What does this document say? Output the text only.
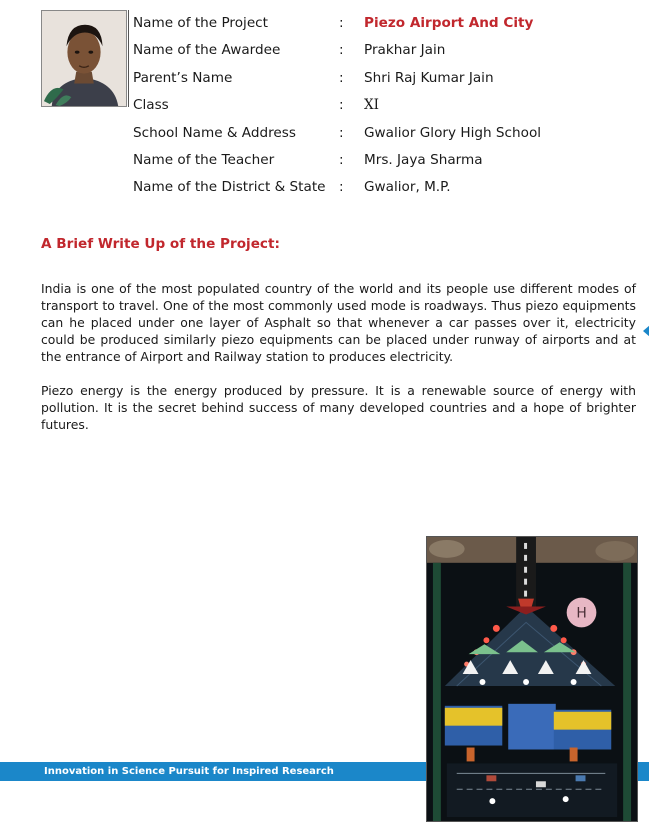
Name of the Project	: Piezo Airport And City
Name of the Awardee	: Prakhar Jain
Parent’s Name	: Shri Raj Kumar Jain
Class	: XI
School Name & Address	: Gwalior Glory High School
Name of the Teacher	: Mrs. Jaya Sharma
Name of the District & State : Gwalior, M.P.
A Brief Write Up of the Project:

India is one of the most populated country of the world and its people use different modes of transport to travel. One of the most commonly used mode is roadways. Thus piezo equipments can he placed under one layer of Asphalt so that whenever a car passes over it, electricity could be produced similarly piezo equipments can be placed under runway of airports and at the entrance of Airport and Railway station to produces electricity.

Piezo energy is the energy produced by pressure. It is a renewable source of energy with pollution. It is the secret behind success of many developed countries and a hope of brighter futures.

Innovation in Science Pursuit for Inspired Research
H
